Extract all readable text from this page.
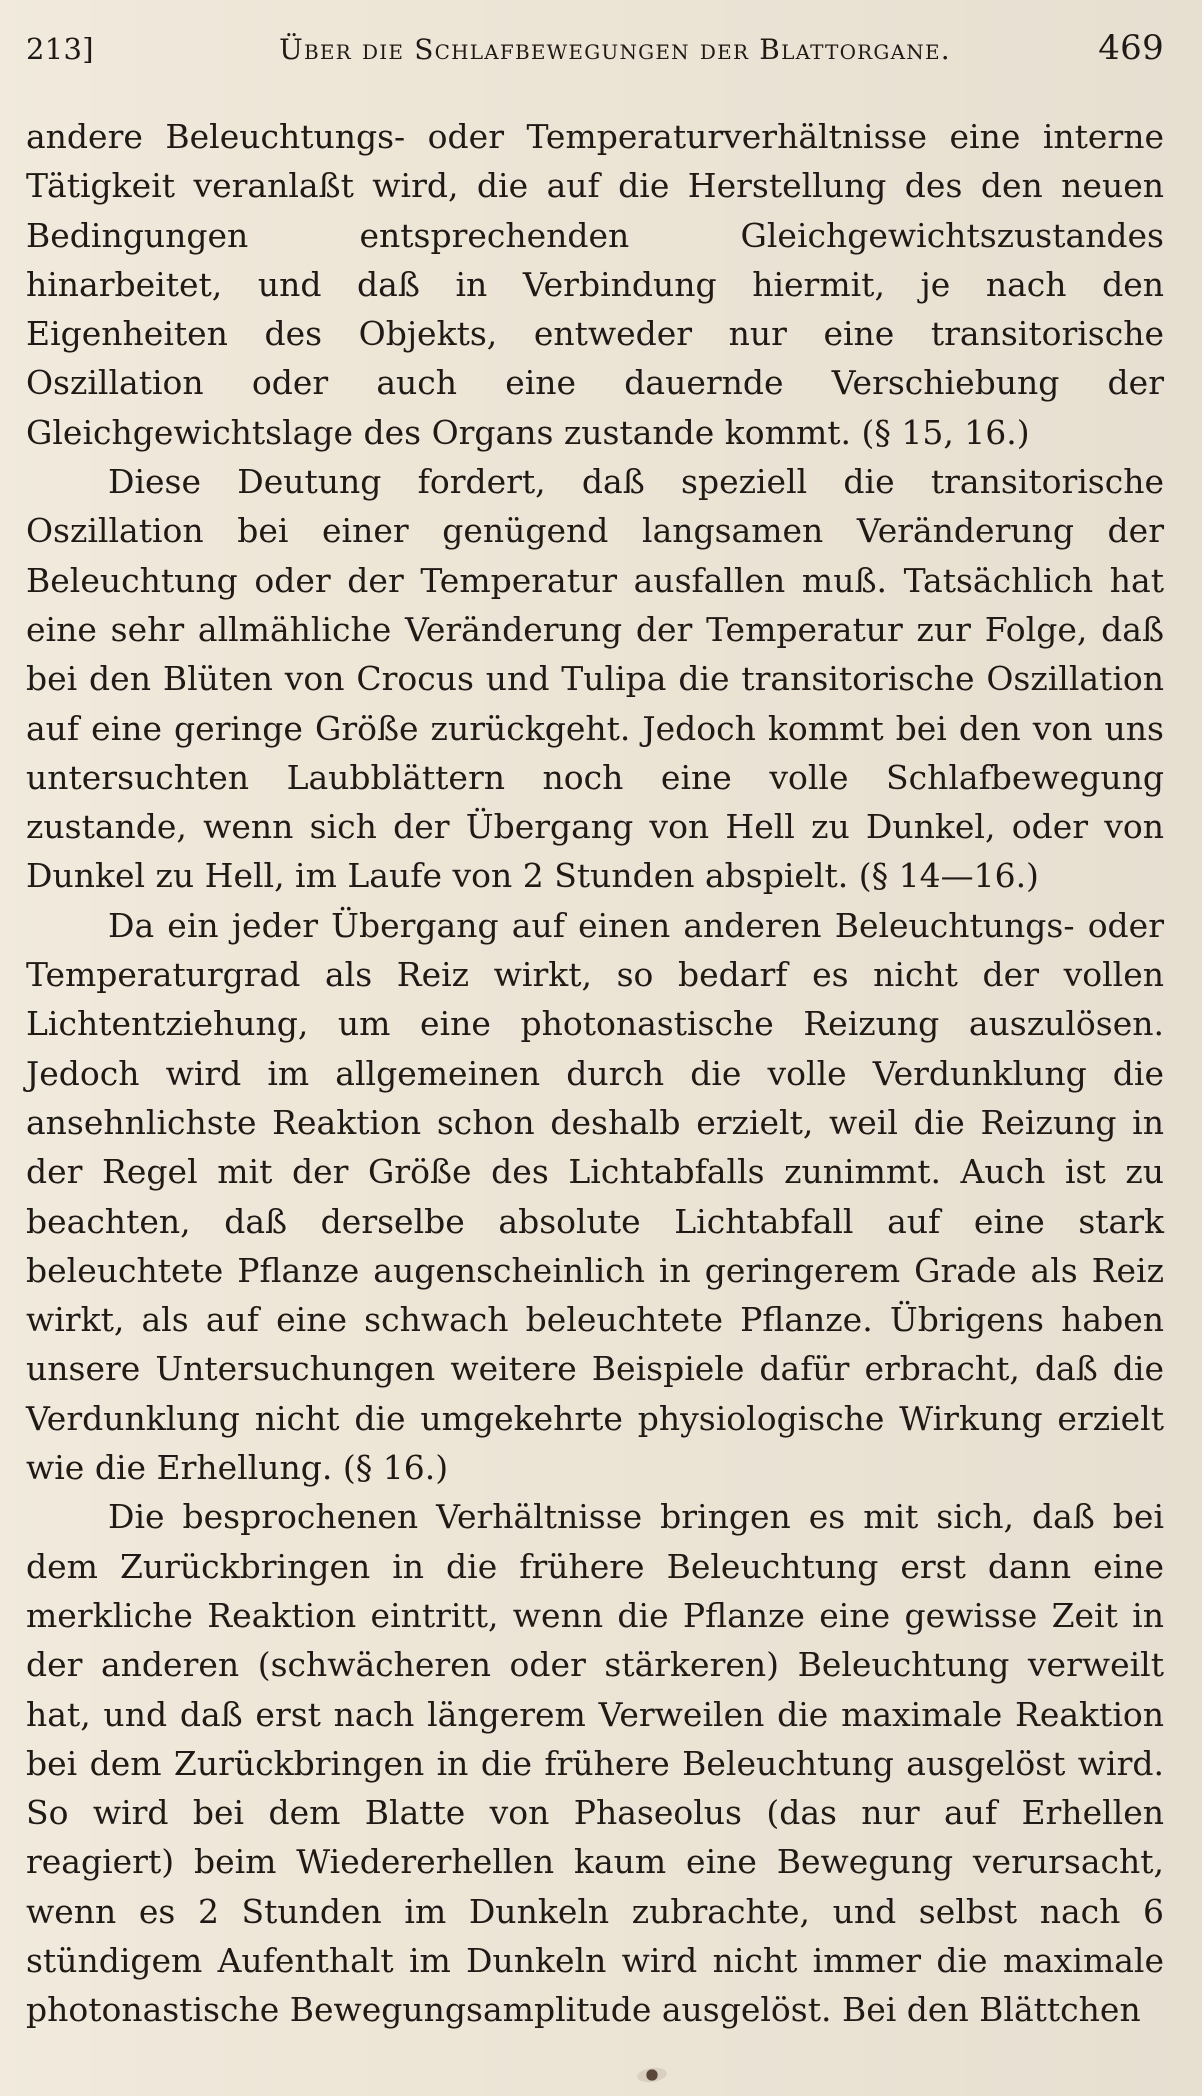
213]	Über die Schlafbewegungen der Blattorgane.	469

andere Beleuchtungs- oder Temperaturverhältnisse eine interne Tätigkeit veranlaßt wird, die auf die Herstellung des den neuen Bedingungen entsprechenden Gleichgewichtszustandes hinarbeitet, und daß in Verbindung hiermit, je nach den Eigenheiten des Objekts, entweder nur eine transitorische Oszillation oder auch eine dauernde Verschiebung der Gleichgewichtslage des Organs zustande kommt. (§ 15, 16.)

Diese Deutung fordert, daß speziell die transitorische Oszillation bei einer genügend langsamen Veränderung der Beleuchtung oder der Temperatur ausfallen muß. Tatsächlich hat eine sehr allmähliche Veränderung der Temperatur zur Folge, daß bei den Blüten von Crocus und Tulipa die transitorische Oszillation auf eine geringe Größe zurückgeht. Jedoch kommt bei den von uns untersuchten Laubblättern noch eine volle Schlafbewegung zustande, wenn sich der Übergang von Hell zu Dunkel, oder von Dunkel zu Hell, im Laufe von 2 Stunden abspielt. (§ 14—16.)

Da ein jeder Übergang auf einen anderen Beleuchtungs- oder Temperaturgrad als Reiz wirkt, so bedarf es nicht der vollen Lichtentziehung, um eine photonastische Reizung auszulösen. Jedoch wird im allgemeinen durch die volle Verdunklung die ansehnlichste Reaktion schon deshalb erzielt, weil die Reizung in der Regel mit der Größe des Lichtabfalls zunimmt. Auch ist zu beachten, daß derselbe absolute Lichtabfall auf eine stark beleuchtete Pflanze augenscheinlich in geringerem Grade als Reiz wirkt, als auf eine schwach beleuchtete Pflanze. Übrigens haben unsere Untersuchungen weitere Beispiele dafür erbracht, daß die Verdunklung nicht die umgekehrte physiologische Wirkung erzielt wie die Erhellung. (§ 16.)

Die besprochenen Verhältnisse bringen es mit sich, daß bei dem Zurückbringen in die frühere Beleuchtung erst dann eine merkliche Reaktion eintritt, wenn die Pflanze eine gewisse Zeit in der anderen (schwächeren oder stärkeren) Beleuchtung verweilt hat, und daß erst nach längerem Verweilen die maximale Reaktion bei dem Zurückbringen in die frühere Beleuchtung ausgelöst wird. So wird bei dem Blatte von Phaseolus (das nur auf Erhellen reagiert) beim Wiedererhellen kaum eine Bewegung verursacht, wenn es 2 Stunden im Dunkeln zubrachte, und selbst nach 6 stündigem Aufenthalt im Dunkeln wird nicht immer die maximale photonastische Bewegungsamplitude ausgelöst. Bei den Blättchen
